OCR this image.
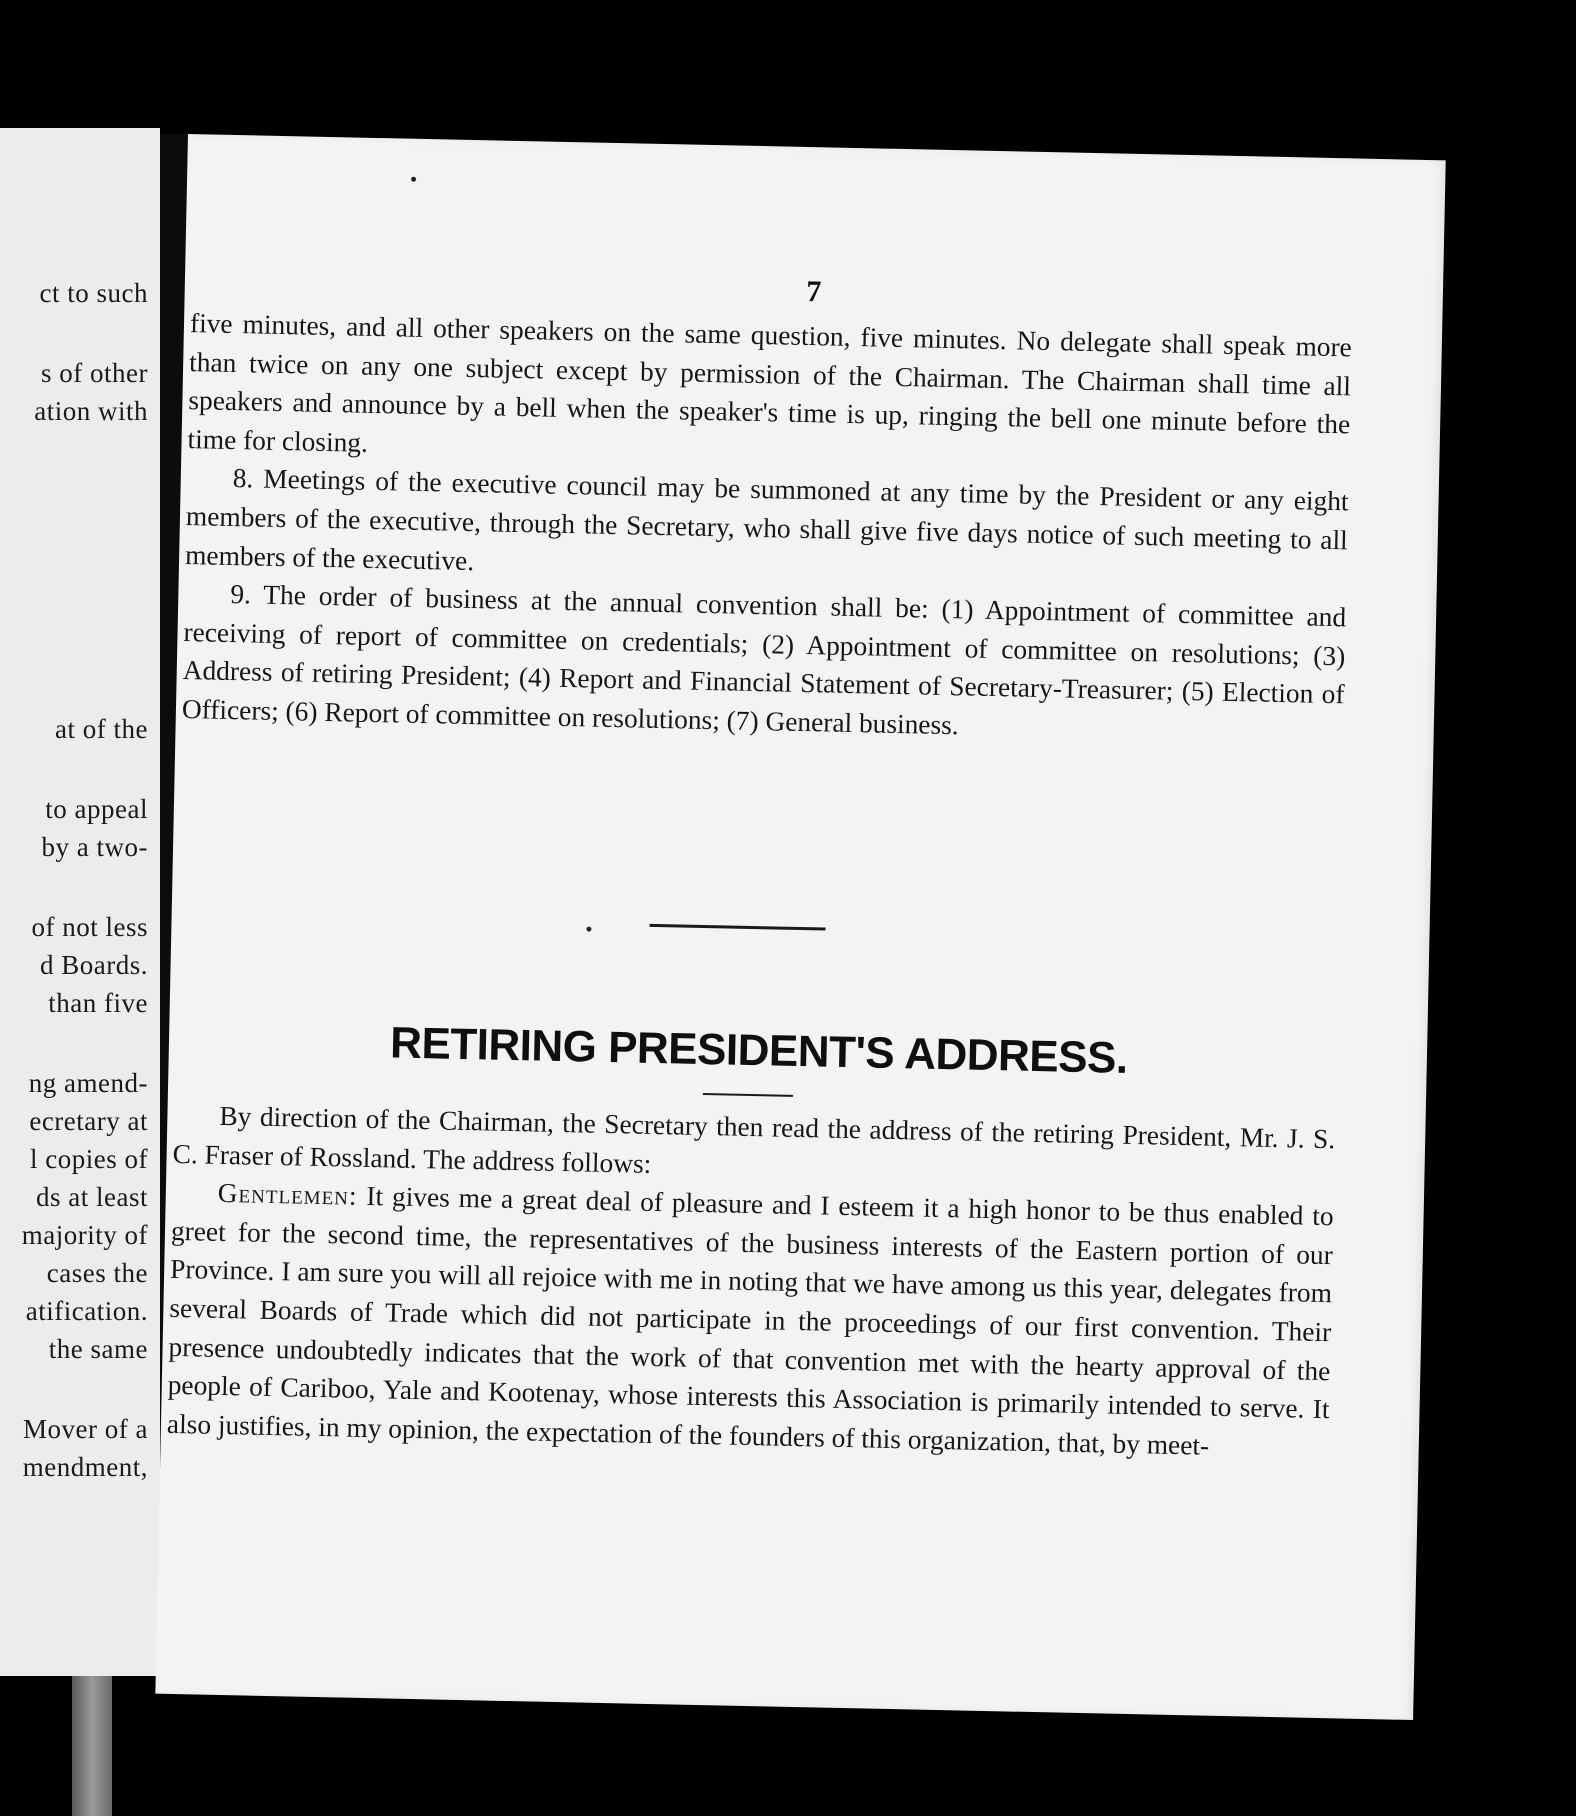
ct to such
s of other
ation with
at of the
to appeal
by a two-
of not less
d Boards.
than five
ng amend-
ecretary at
l copies of
ds at least
majority of
cases the
atification.
the same
Mover of a
mendment,
7

five minutes, and all other speakers on the same question, five minutes. No delegate shall speak more than twice on any one subject except by permission of the Chairman. The Chairman shall time all speakers and announce by a bell when the speaker's time is up, ringing the bell one minute before the time for closing.

8. Meetings of the executive council may be summoned at any time by the President or any eight members of the executive, through the Secretary, who shall give five days notice of such meeting to all members of the executive.

9. The order of business at the annual convention shall be: (1) Appointment of committee and receiving of report of committee on credentials; (2) Appointment of committee on resolutions; (3) Address of retiring President; (4) Report and Financial Statement of Secretary-Treasurer; (5) Election of Officers; (6) Report of committee on resolutions; (7) General business.

RETIRING PRESIDENT'S ADDRESS.

By direction of the Chairman, the Secretary then read the address of the retiring President, Mr. J. S. C. Fraser of Rossland. The address follows:

Gentlemen: It gives me a great deal of pleasure and I esteem it a high honor to be thus enabled to greet for the second time, the representatives of the business interests of the Eastern portion of our Province. I am sure you will all rejoice with me in noting that we have among us this year, delegates from several Boards of Trade which did not participate in the proceedings of our first convention. Their presence undoubtedly indicates that the work of that convention met with the hearty approval of the people of Cariboo, Yale and Kootenay, whose interests this Association is primarily intended to serve. It also justifies, in my opinion, the expectation of the founders of this organization, that, by meet-
